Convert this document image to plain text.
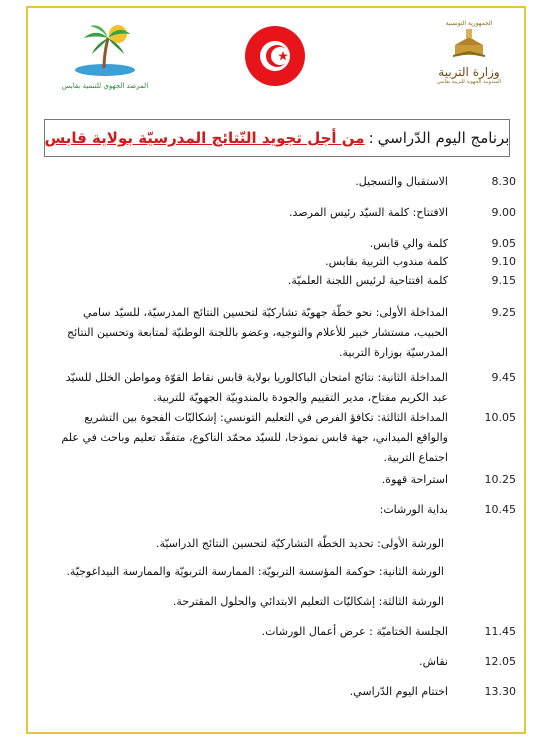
المرصد الجهوي للتنمية بقابس
الجمهورية التونسية
وزارة التربية
المندوبية الجهوية للتربية بقابس
برنامج اليوم الدّراسي
:
من أجل تجويد النّتائج المدرسيّة بولاية قابس
8.30
الاستقبال والتسجيل.
9.00
الافتتاح: كلمة السيّد رئيس المرصد.
9.05
كلمة والي قابس.
9.10
كلمة مندوب التربية بقابس.
9.15
كلمة افتتاحية لرئيس اللجنة العلميّة.
9.25
المداخلة الأولى: نحو خطّة جهويّة تشاركيّة لتحسين النتائج المدرسيّة، للسيّد سامي
الحبيب، مستشار خبير للأعلام والتوجيه، وعضو باللجنة الوطنيّة لمتابعة وتحسين النتائج
المدرسيّة بوزارة التربية.
9.45
المداخلة الثانية: نتائج امتحان الباكالوريا بولاية قابس نقاط القوّة ومواطن الخلل للسيّد
عبد الكريم مفتاح، مدير التقييم والجودة بالمندوبيّة الجهويّة للتربية.
10.05
المداخلة الثالثة: تكافؤ الفرص في التعليم التونسي: إشكاليّات الفجوة بين التشريع
والواقع الميداني، جهة قابس نموذجا، للسيّد محمّد الناكوع، متفقّد تعليم وباحث في علم
اجتماع التربية.
10.25
استراحة قهوة.
10.45
بداية الورشات:
الورشة الأولى: تحديد الخطّة التشاركيّة لتحسين النتائج الدراسيّة.
الورشة الثانية: حوكمة المؤسسة التربويّة: الممارسة التربويّة والممارسة البيداغوجيّة.
الورشة الثالثة: إشكاليّات التعليم الابتدائي والحلول المقترحة.
11.45
الجلسة الختاميّة : عرض أعمال الورشات.
12.05
نقاش.
13.30
اختتام اليوم الدّراسي.
